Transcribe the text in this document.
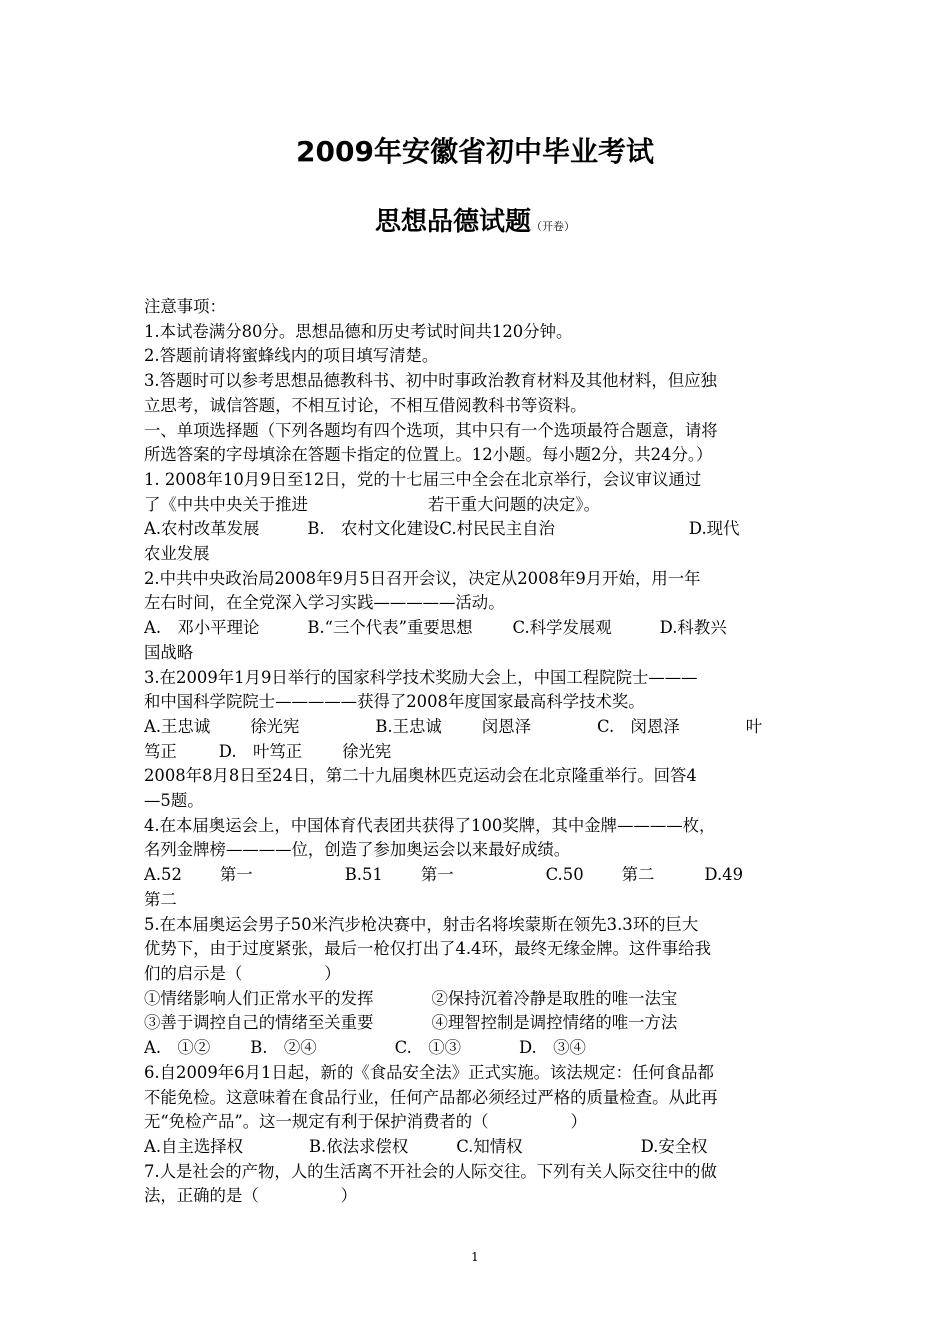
2009年安徽省初中毕业考试
思想品德试题（开卷）
注意事项：
1.本试卷满分80分。思想品德和历史考试时间共120分钟。
2.答题前请将蜜蜂线内的项目填写清楚。
3.答题时可以参考思想品德教科书、初中时事政治教育材料及其他材料，但应独
立思考，诚信答题，不相互讨论，不相互借阅教科书等资料。
一、单项选择题（下列各题均有四个选项，其中只有一个选项最符合题意，请将
所选答案的字母填涂在答题卡指定的位置上。12小题。每小题2分，共24分。）
1. 2008年10月9日至12日，党的十七届三中全会在北京举行，会议审议通过
了《中共中央关于推进	若干重大问题的决定》。
A.农村改革发展	B.　农村文化建设C.村民民主自治	D.现代
农业发展
2.中共中央政治局2008年9月5日召开会议，决定从2008年9月开始，用一年
左右时间，在全党深入学习实践—————活动。
A.　邓小平理论	B.“三个代表”重要思想 C.科学发展观	D.科教兴
国战略
3.在2009年1月9日举行的国家科学技术奖励大会上，中国工程院院士———
和中国科学院院士—————获得了2008年度国家最高科学技术奖。
A.王忠诚 徐光宪	B.王忠诚 闵恩泽	C.　闵恩泽	叶
笃正	D.　叶笃正 徐光宪
2008年8月8日至24日，第二十九届奥林匹克运动会在北京隆重举行。回答4
—5题。
4.在本届奥运会上，中国体育代表团共获得了100奖牌，其中金牌————枚，
名列金牌榜————位，创造了参加奥运会以来最好成绩。
A.52 第一	B.51 第一	C.50 第二	D.49
第二
5.在本届奥运会男子50米汽步枪决赛中，射击名将埃蒙斯在领先3.3环的巨大
优势下，由于过度紧张，最后一枪仅打出了4.4环，最终无缘金牌。这件事给我
们的启示是（　　　　　）
①情绪影响人们正常水平的发挥	②保持沉着冷静是取胜的唯一法宝
③善于调控自己的情绪至关重要	④理智控制是调控情绪的唯一方法
A.　①② B.　②④	C.　①③	D.　③④
6.自2009年6月1日起，新的《食品安全法》正式实施。该法规定：任何食品都
不能免检。这意味着在食品行业，任何产品都必须经过严格的质量检查。从此再
无“免检产品”。这一规定有利于保护消费者的（　　　　　）
A.自主选择权	B.依法求偿权	C.知情权	D.安全权
7.人是社会的产物，人的生活离不开社会的人际交往。下列有关人际交往中的做
法，正确的是（　　　　　）
1
